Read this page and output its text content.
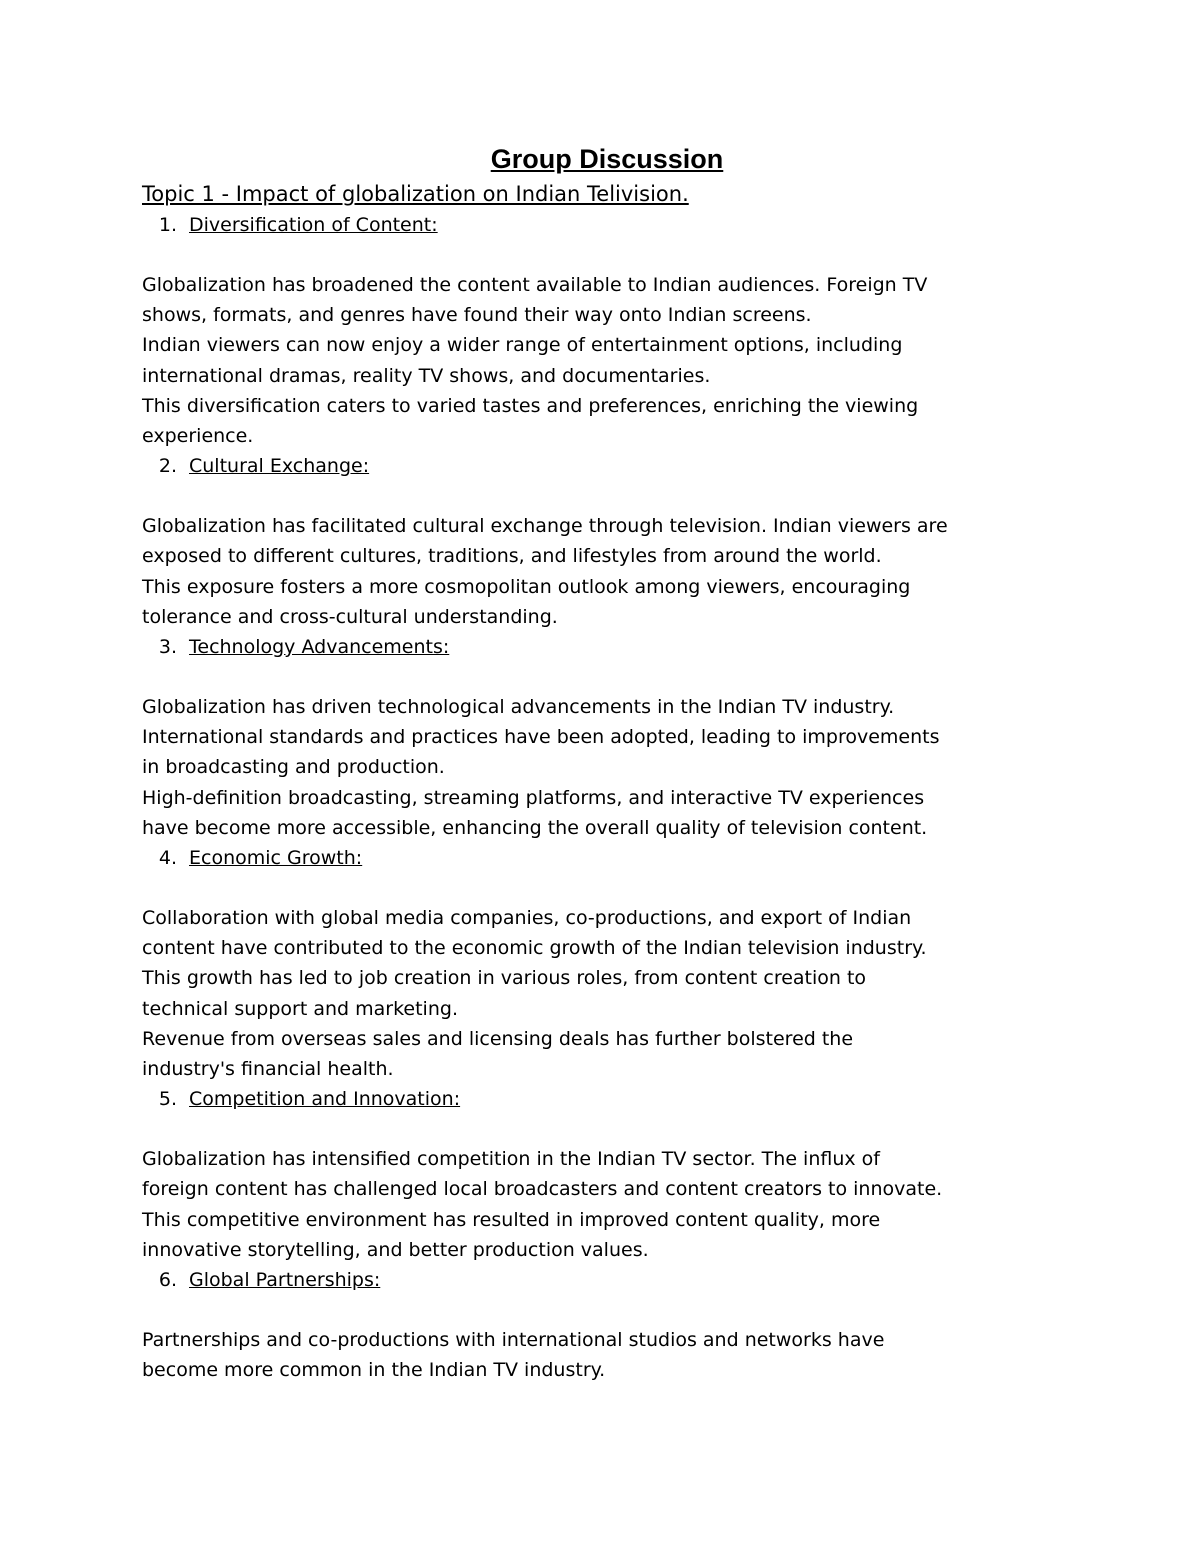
Group Discussion

Topic 1 - Impact of globalization on Indian Telivision.

1. Diversification of Content:

Globalization has broadened the content available to Indian audiences. Foreign TV

shows, formats, and genres have found their way onto Indian screens.

Indian viewers can now enjoy a wider range of entertainment options, including

international dramas, reality TV shows, and documentaries.

This diversification caters to varied tastes and preferences, enriching the viewing

experience.

2. Cultural Exchange:

Globalization has facilitated cultural exchange through television. Indian viewers are

exposed to different cultures, traditions, and lifestyles from around the world.

This exposure fosters a more cosmopolitan outlook among viewers, encouraging

tolerance and cross-cultural understanding.

3. Technology Advancements:

Globalization has driven technological advancements in the Indian TV industry.

International standards and practices have been adopted, leading to improvements

in broadcasting and production.

High-definition broadcasting, streaming platforms, and interactive TV experiences

have become more accessible, enhancing the overall quality of television content.

4. Economic Growth:

Collaboration with global media companies, co-productions, and export of Indian

content have contributed to the economic growth of the Indian television industry.

This growth has led to job creation in various roles, from content creation to

technical support and marketing.

Revenue from overseas sales and licensing deals has further bolstered the

industry's financial health.

5. Competition and Innovation:

Globalization has intensified competition in the Indian TV sector. The influx of

foreign content has challenged local broadcasters and content creators to innovate.

This competitive environment has resulted in improved content quality, more

innovative storytelling, and better production values.

6. Global Partnerships:

Partnerships and co-productions with international studios and networks have

become more common in the Indian TV industry.
